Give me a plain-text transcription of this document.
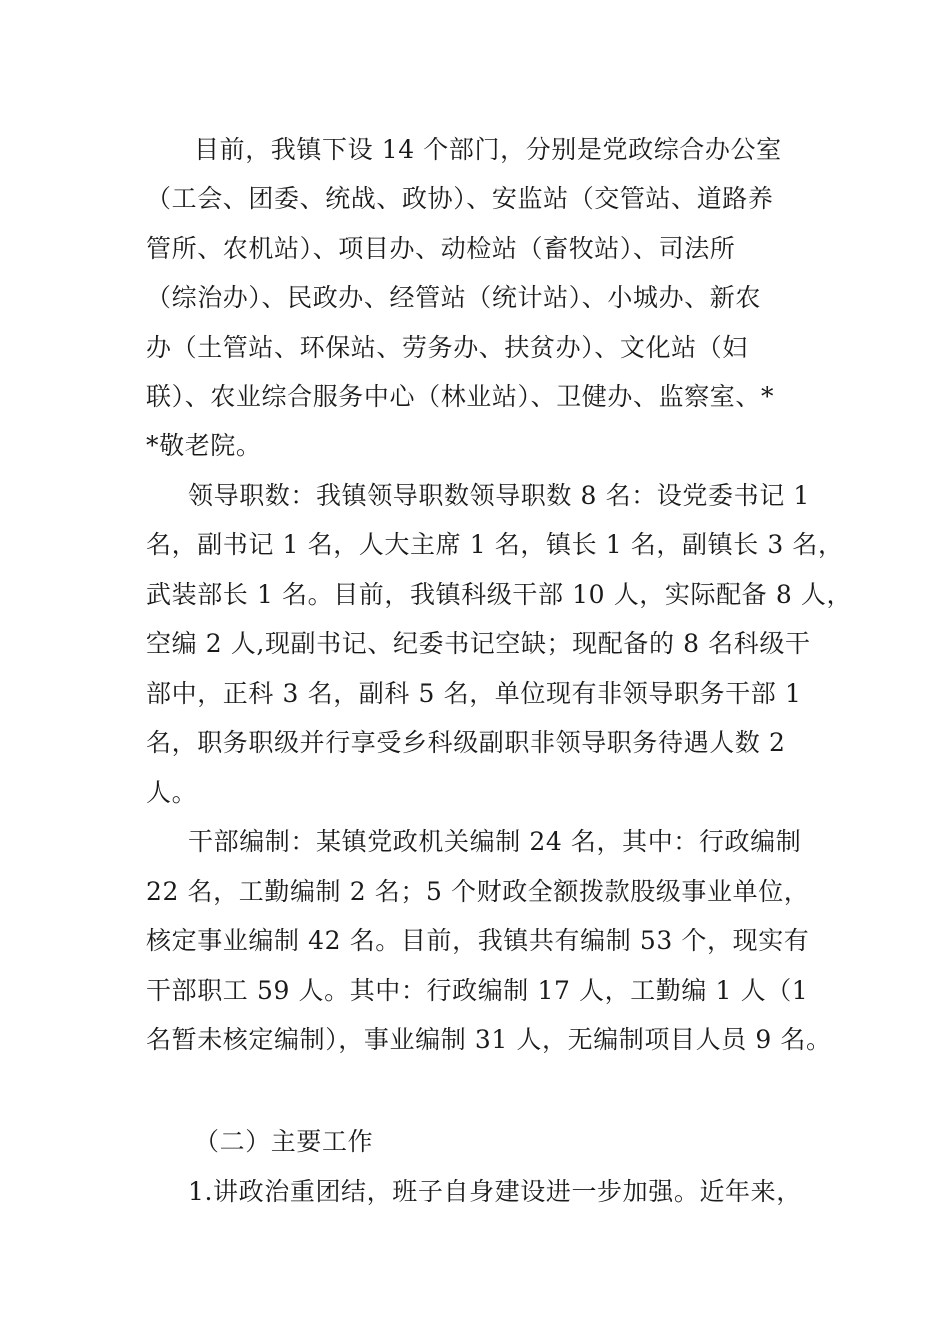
目前，我镇下设 14 个部门，分别是党政综合办公室
（工会、团委、统战、政协）、安监站（交管站、道路养
管所、农机站）、项目办、动检站（畜牧站）、司法所
（综治办）、民政办、经管站（统计站）、小城办、新农
办（土管站、环保站、劳务办、扶贫办）、文化站（妇
联）、农业综合服务中心（林业站）、卫健办、监察室、*
*敬老院。
领导职数：我镇领导职数领导职数 8 名：设党委书记 1
名，副书记 1 名，人大主席 1 名，镇长 1 名，副镇长 3 名，
武装部长 1 名。目前，我镇科级干部 10 人，实际配备 8 人，
空编 2 人,现副书记、纪委书记空缺；现配备的 8 名科级干
部中，正科 3 名，副科 5 名，单位现有非领导职务干部 1
名，职务职级并行享受乡科级副职非领导职务待遇人数 2
人。
干部编制：某镇党政机关编制 24 名，其中：行政编制
22 名，工勤编制 2 名；5 个财政全额拨款股级事业单位，
核定事业编制 42 名。目前，我镇共有编制 53 个，现实有
干部职工 59 人。其中：行政编制 17 人，工勤编 1 人（1
名暂未核定编制），事业编制 31 人，无编制项目人员 9 名。
（二）主要工作
1.讲政治重团结，班子自身建设进一步加强。近年来，
